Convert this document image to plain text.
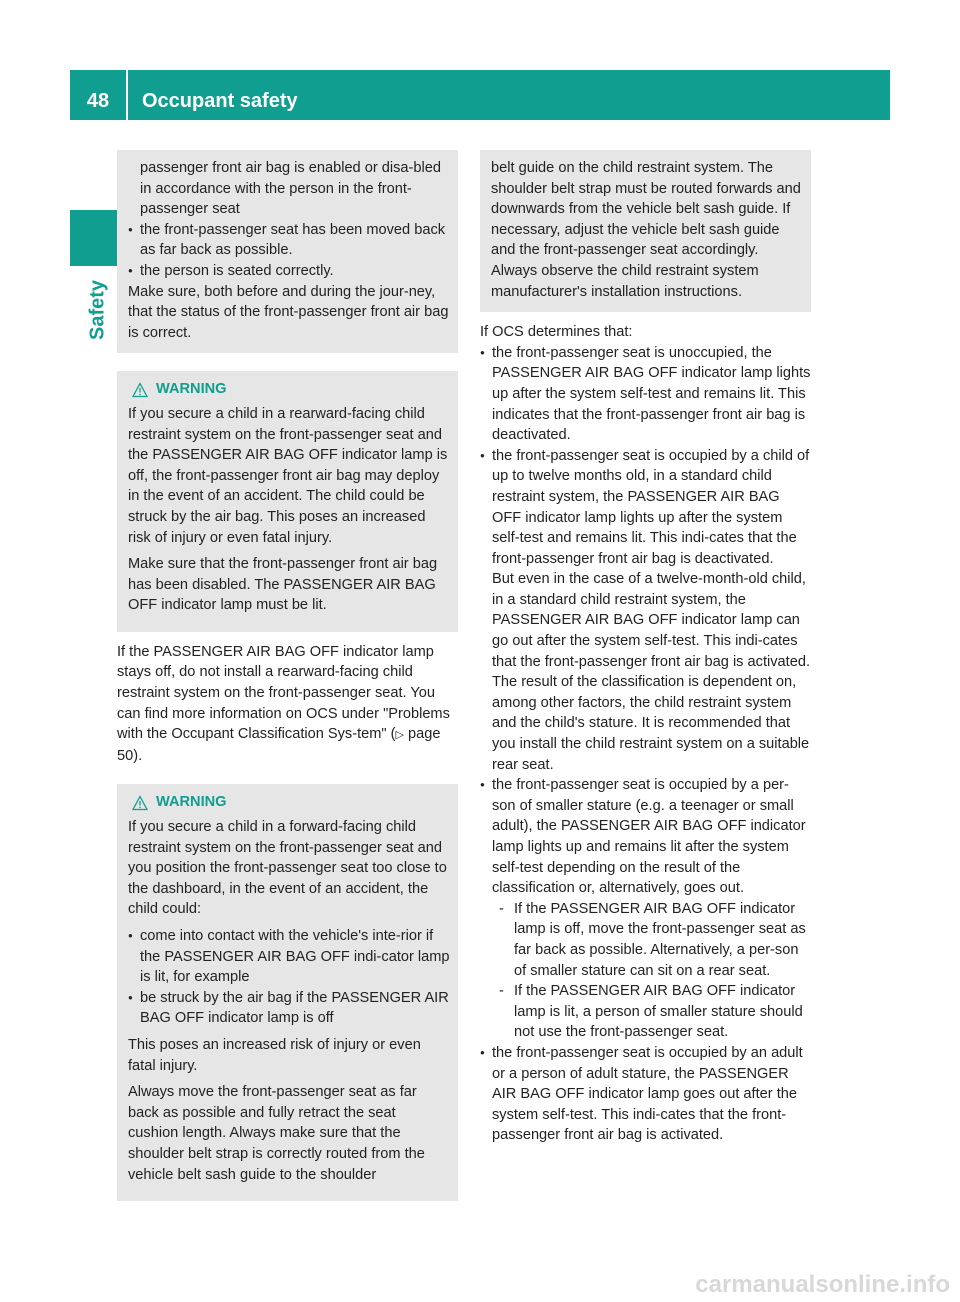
48	Occupant safety
Safety

passenger front air bag is enabled or disa-bled in accordance with the person in the front-passenger seat

● the front-passenger seat has been moved back as far back as possible.
● the person is seated correctly.

Make sure, both before and during the jour-ney, that the status of the front-passenger front air bag is correct.

WARNING

If you secure a child in a rearward-facing child restraint system on the front-passenger seat and the PASSENGER AIR BAG OFF indicator lamp is off, the front-passenger front air bag may deploy in the event of an accident. The child could be struck by the air bag. This poses an increased risk of injury or even fatal injury.

Make sure that the front-passenger front air bag has been disabled. The PASSENGER AIR BAG OFF indicator lamp must be lit.

If the PASSENGER AIR BAG OFF indicator lamp stays off, do not install a rearward-facing child restraint system on the front-passenger seat. You can find more information on OCS under "Problems with the Occupant Classification Sys-tem" (▷ page 50).

WARNING

If you secure a child in a forward-facing child restraint system on the front-passenger seat and you position the front-passenger seat too close to the dashboard, in the event of an accident, the child could:

● come into contact with the vehicle's inte-rior if the PASSENGER AIR BAG OFF indi-cator lamp is lit, for example
● be struck by the air bag if the PASSENGER AIR BAG OFF indicator lamp is off

This poses an increased risk of injury or even fatal injury.

Always move the front-passenger seat as far back as possible and fully retract the seat cushion length. Always make sure that the shoulder belt strap is correctly routed from the vehicle belt sash guide to the shoulder

belt guide on the child restraint system. The shoulder belt strap must be routed forwards and downwards from the vehicle belt sash guide. If necessary, adjust the vehicle belt sash guide and the front-passenger seat accordingly. Always observe the child restraint system manufacturer's installation instructions.

If OCS determines that:

● the front-passenger seat is unoccupied, the PASSENGER AIR BAG OFF indicator lamp lights up after the system self-test and remains lit. This indicates that the front-passenger front air bag is deactivated.
● the front-passenger seat is occupied by a child of up to twelve months old, in a standard child restraint system, the PASSENGER AIR BAG OFF indicator lamp lights up after the system self-test and remains lit. This indi-cates that the front-passenger front air bag is deactivated.
But even in the case of a twelve-month-old child, in a standard child restraint system, the PASSENGER AIR BAG OFF indicator lamp can go out after the system self-test. This indi-cates that the front-passenger front air bag is activated. The result of the classification is dependent on, among other factors, the child restraint system and the child's stature. It is recommended that you install the child restraint system on a suitable rear seat.
● the front-passenger seat is occupied by a per-son of smaller stature (e.g. a teenager or small adult), the PASSENGER AIR BAG OFF indicator lamp lights up and remains lit after the system self-test depending on the result of the classification or, alternatively, goes out.
- If the PASSENGER AIR BAG OFF indicator lamp is off, move the front-passenger seat as far back as possible. Alternatively, a per-son of smaller stature can sit on a rear seat.
- If the PASSENGER AIR BAG OFF indicator lamp is lit, a person of smaller stature should not use the front-passenger seat.
● the front-passenger seat is occupied by an adult or a person of adult stature, the PASSENGER AIR BAG OFF indicator lamp goes out after the system self-test. This indi-cates that the front-passenger front air bag is activated.
carmanualsonline.info
